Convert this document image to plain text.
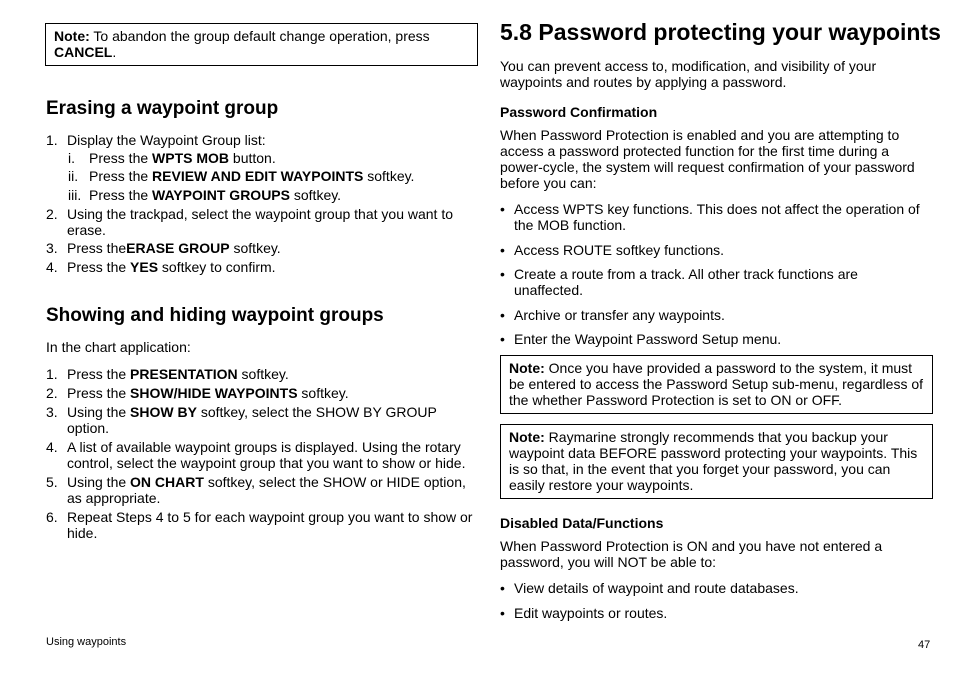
Note: To abandon the group default change operation, press CANCEL.
Erasing a waypoint group
1. Display the Waypoint Group list:
i. Press the WPTS MOB button.
ii. Press the REVIEW AND EDIT WAYPOINTS softkey.
iii. Press the WAYPOINT GROUPS softkey.
2. Using the trackpad, select the waypoint group that you want to erase.
3. Press theERASE GROUP softkey.
4. Press the YES softkey to confirm.
Showing and hiding waypoint groups

In the chart application:

1. Press the PRESENTATION softkey.
2. Press the SHOW/HIDE WAYPOINTS softkey.
3. Using the SHOW BY softkey, select the SHOW BY GROUP option.
4. A list of available waypoint groups is displayed. Using the rotary control, select the waypoint group that you want to show or hide.
5. Using the ON CHART softkey, select the SHOW or HIDE option, as appropriate.
6. Repeat Steps 4 to 5 for each waypoint group you want to show or hide.
Using waypoints
5.8 Password protecting your waypoints

You can prevent access to, modification, and visibility of your waypoints and routes by applying a password.

Password Confirmation

When Password Protection is enabled and you are attempting to access a password protected function for the first time during a power-cycle, the system will request confirmation of your password before you can:

• Access WPTS key functions. This does not affect the operation of the MOB function.
• Access ROUTE softkey functions.
• Create a route from a track. All other track functions are unaffected.
• Archive or transfer any waypoints.
• Enter the Waypoint Password Setup menu.
Note: Once you have provided a password to the system, it must be entered to access the Password Setup sub-menu, regardless of the whether Password Protection is set to ON or OFF.
Note: Raymarine strongly recommends that you backup your waypoint data BEFORE password protecting your waypoints. This is so that, in the event that you forget your password, you can easily restore your waypoints.
Disabled Data/Functions

When Password Protection is ON and you have not entered a password, you will NOT be able to:

• View details of waypoint and route databases.
• Edit waypoints or routes.
47
